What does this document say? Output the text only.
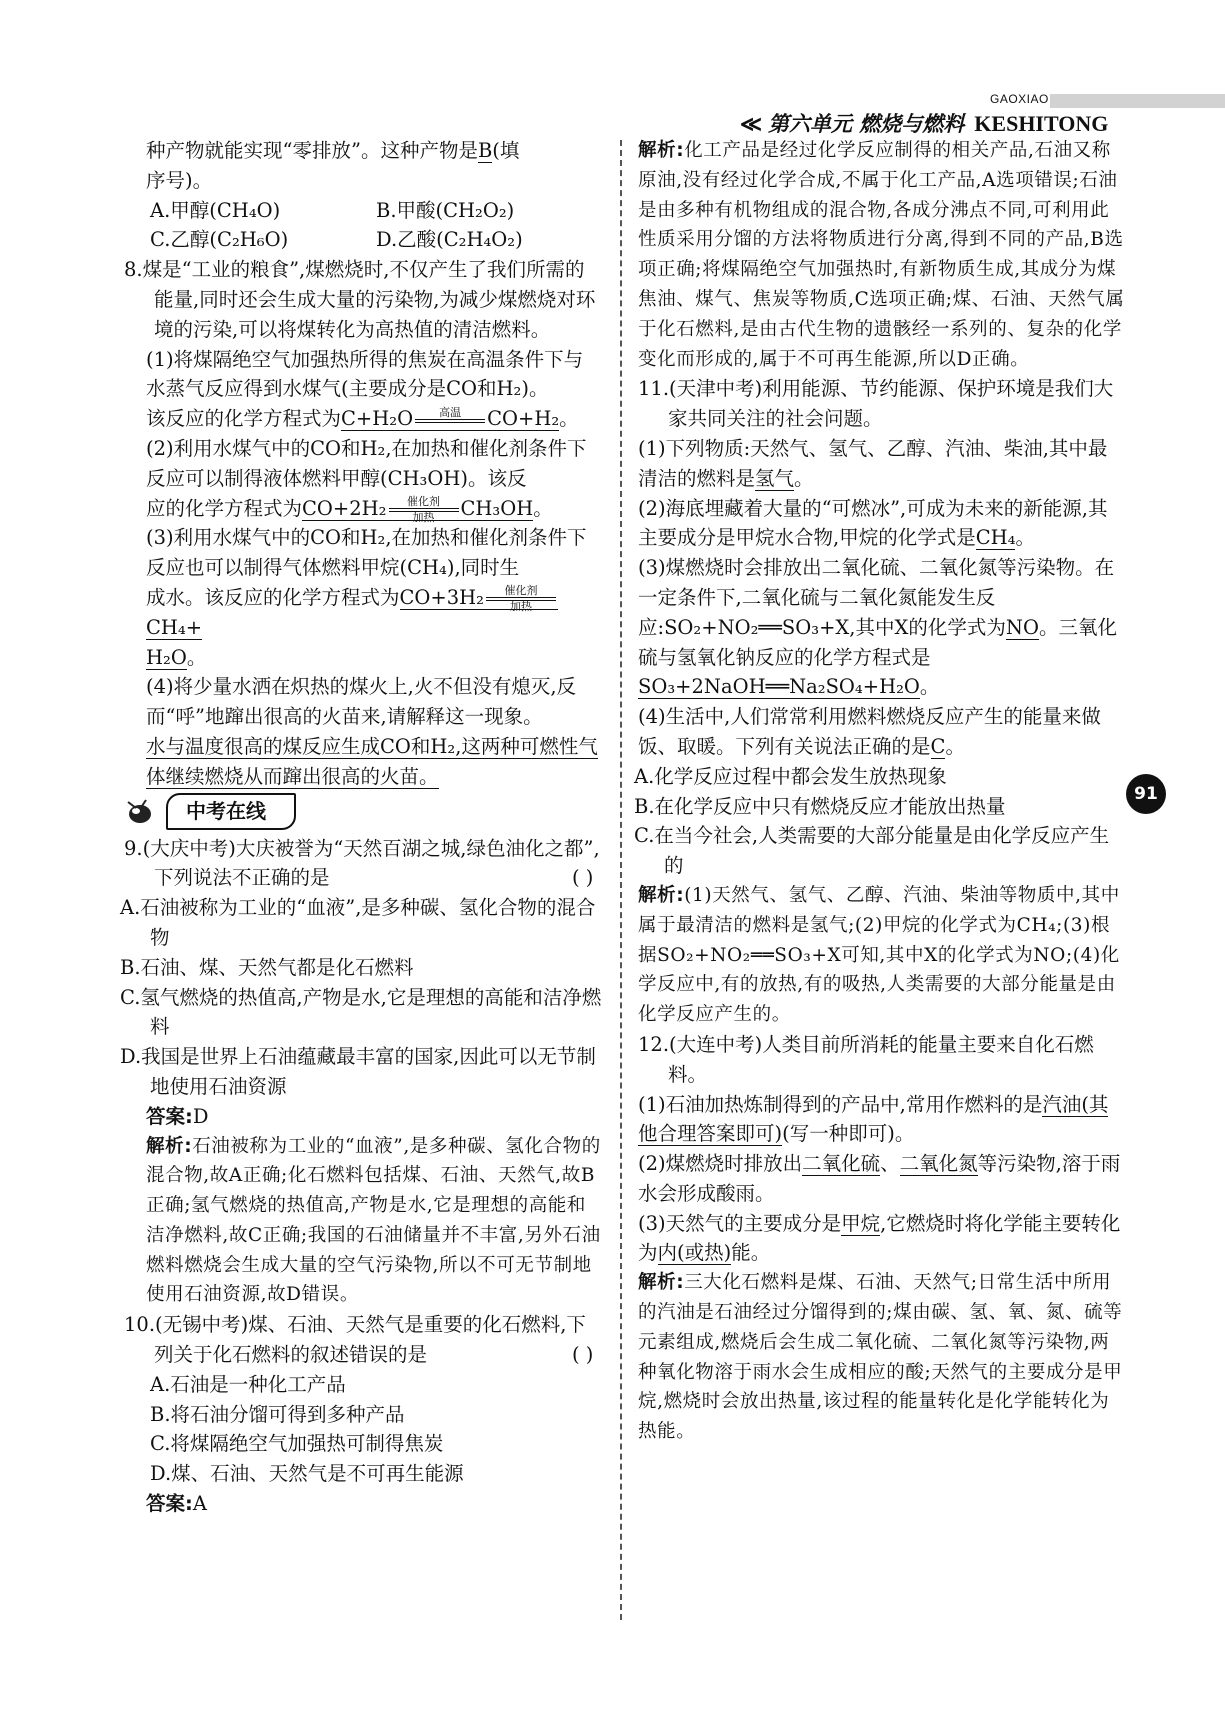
GAOXIAO
≪ 第六单元 燃烧与燃料 KESHITONG
91

种产物就能实现“零排放”。这种产物是B(填

序号)。

A.甲醇(CH₄O)	B.甲酸(CH₂O₂)
C.乙醇(C₂H₆O)	D.乙酸(C₂H₄O₂)

8.煤是“工业的粮食”,煤燃烧时,不仅产生了我们所需的能量,同时还会生成大量的污染物,为减少煤燃烧对环境的污染,可以将煤转化为高热值的清洁燃料。

(1)将煤隔绝空气加强热所得的焦炭在高温条件下与水蒸气反应得到水煤气(主要成分是CO和H₂)。

该反应的化学方程式为C+H₂O	高温
	CO+H₂。

(2)利用水煤气中的CO和H₂,在加热和催化剂条件下反应可以制得液体燃料甲醇(CH₃OH)。该反

应的化学方程式为CO+2H₂	催化剂
加热	CH₃OH。

(3)利用水煤气中的CO和H₂,在加热和催化剂条件下反应也可以制得气体燃料甲烷(CH₄),同时生

成水。该反应的化学方程式为CO+3H₂	催化剂
加热
CH₄+

H₂O。

(4)将少量水洒在炽热的煤火上,火不但没有熄灭,反而“呼”地蹿出很高的火苗来,请解释这一现象。

水与温度很高的煤反应生成CO和H₂,这两种可燃性气体继续燃烧从而蹿出很高的火苗。

中考在线

9.(大庆中考)大庆被誉为“天然百湖之城,绿色油化之都”,下列说法不正确的是	( )

A.石油被称为工业的“血液”,是多种碳、氢化合物的混合物

B.石油、煤、天然气都是化石燃料

C.氢气燃烧的热值高,产物是水,它是理想的高能和洁净燃料

D.我国是世界上石油蕴藏最丰富的国家,因此可以无节制地使用石油资源

答案:D

解析:石油被称为工业的“血液”,是多种碳、氢化合物的混合物,故A正确;化石燃料包括煤、石油、天然气,故B正确;氢气燃烧的热值高,产物是水,它是理想的高能和洁净燃料,故C正确;我国的石油储量并不丰富,另外石油燃料燃烧会生成大量的空气污染物,所以不可无节制地使用石油资源,故D错误。

10.(无锡中考)煤、石油、天然气是重要的化石燃料,下列关于化石燃料的叙述错误的是	( )

A.石油是一种化工产品

B.将石油分馏可得到多种产品

C.将煤隔绝空气加强热可制得焦炭

D.煤、石油、天然气是不可再生能源

答案:A

解析:化工产品是经过化学反应制得的相关产品,石油又称原油,没有经过化学合成,不属于化工产品,A选项错误;石油是由多种有机物组成的混合物,各成分沸点不同,可利用此性质采用分馏的方法将物质进行分离,得到不同的产品,B选项正确;将煤隔绝空气加强热时,有新物质生成,其成分为煤焦油、煤气、焦炭等物质,C选项正确;煤、石油、天然气属于化石燃料,是由古代生物的遗骸经一系列的、复杂的化学变化而形成的,属于不可再生能源,所以D正确。

11.(天津中考)利用能源、节约能源、保护环境是我们大家共同关注的社会问题。

(1)下列物质:天然气、氢气、乙醇、汽油、柴油,其中最清洁的燃料是氢气。

(2)海底埋藏着大量的“可燃冰”,可成为未来的新能源,其主要成分是甲烷水合物,甲烷的化学式是CH₄。

(3)煤燃烧时会排放出二氧化硫、二氧化氮等污染物。在一定条件下,二氧化硫与二氧化氮能发生反应:SO₂+NO₂══SO₃+X,其中X的化学式为NO。三氧化硫与氢氧化钠反应的化学方程式是SO₃+2NaOH══Na₂SO₄+H₂O。

(4)生活中,人们常常利用燃料燃烧反应产生的能量来做饭、取暖。下列有关说法正确的是C。

A.化学反应过程中都会发生放热现象

B.在化学反应中只有燃烧反应才能放出热量

C.在当今社会,人类需要的大部分能量是由化学反应产生的

解析:(1)天然气、氢气、乙醇、汽油、柴油等物质中,其中属于最清洁的燃料是氢气;(2)甲烷的化学式为CH₄;(3)根据SO₂+NO₂══SO₃+X可知,其中X的化学式为NO;(4)化学反应中,有的放热,有的吸热,人类需要的大部分能量是由化学反应产生的。

12.(大连中考)人类目前所消耗的能量主要来自化石燃料。

(1)石油加热炼制得到的产品中,常用作燃料的是汽油(其他合理答案即可)(写一种即可)。

(2)煤燃烧时排放出二氧化硫、二氧化氮等污染物,溶于雨水会形成酸雨。

(3)天然气的主要成分是甲烷,它燃烧时将化学能主要转化为内(或热)能。

解析:三大化石燃料是煤、石油、天然气;日常生活中所用的汽油是石油经过分馏得到的;煤由碳、氢、氧、氮、硫等元素组成,燃烧后会生成二氧化硫、二氧化氮等污染物,两种氧化物溶于雨水会生成相应的酸;天然气的主要成分是甲烷,燃烧时会放出热量,该过程的能量转化是化学能转化为热能。
